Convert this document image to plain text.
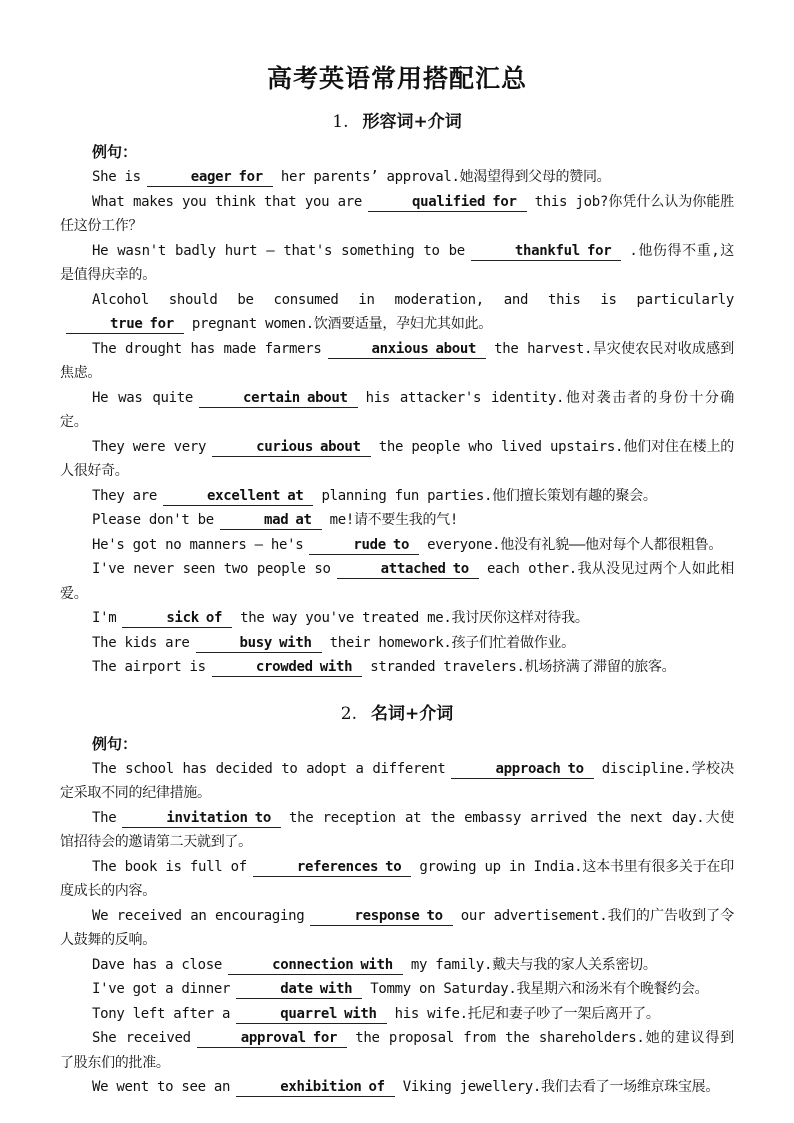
高考英语常用搭配汇总
1. 形容词+介词
例句：

She is	eager for her parents’ approval.她渴望得到父母的赞同。

What makes you think that you are	qualified for this job?你凭什么认为你能胜任这份工作？

He wasn't badly hurt — that's something to be	thankful for .他伤得不重,这是值得庆幸的。

Alcohol should be consumed in moderation, and this is particularlytrue for pregnant women.饮酒要适量，孕妇尤其如此。

The drought has made farmers	anxious about the harvest.旱灾使农民对收成感到焦虑。

He was quite	certain about his attacker's identity.他对袭击者的身份十分确定。

They were very	curious about the people who lived upstairs.他们对住在楼上的人很好奇。

They are	excellent at planning fun parties.他们擅长策划有趣的聚会。

Please don't be	mad at me!请不要生我的气!

He's got no manners – he's	rude to everyone.他没有礼貌——他对每个人都很粗鲁。

I've never seen two people so	attached to each other.我从没见过两个人如此相爱。

I'm	sick of the way you've treated me.我讨厌你这样对待我。

The kids are	busy with their homework.孩子们忙着做作业。

The airport is	crowded with stranded travelers.机场挤满了滞留的旅客。

2. 名词+介词
例句：

The school has decided to adopt a different	approach to discipline.学校决定采取不同的纪律措施。

The	invitation to the reception at the embassy arrived the next day.大使馆招待会的邀请第二天就到了。

The book is full of	references to growing up in India.这本书里有很多关于在印度成长的内容。

We received an encouraging	response to our advertisement.我们的广告收到了令人鼓舞的反响。

Dave has a close	connection with my family.戴夫与我的家人关系密切。

I've got a dinner	date with Tommy on Saturday.我星期六和汤米有个晚餐约会。

Tony left after a	quarrel with his wife.托尼和妻子吵了一架后离开了。

She received	approval for the proposal from the shareholders.她的建议得到了股东们的批准。

We went to see an	exhibition of Viking jewellery.我们去看了一场维京珠宝展。
